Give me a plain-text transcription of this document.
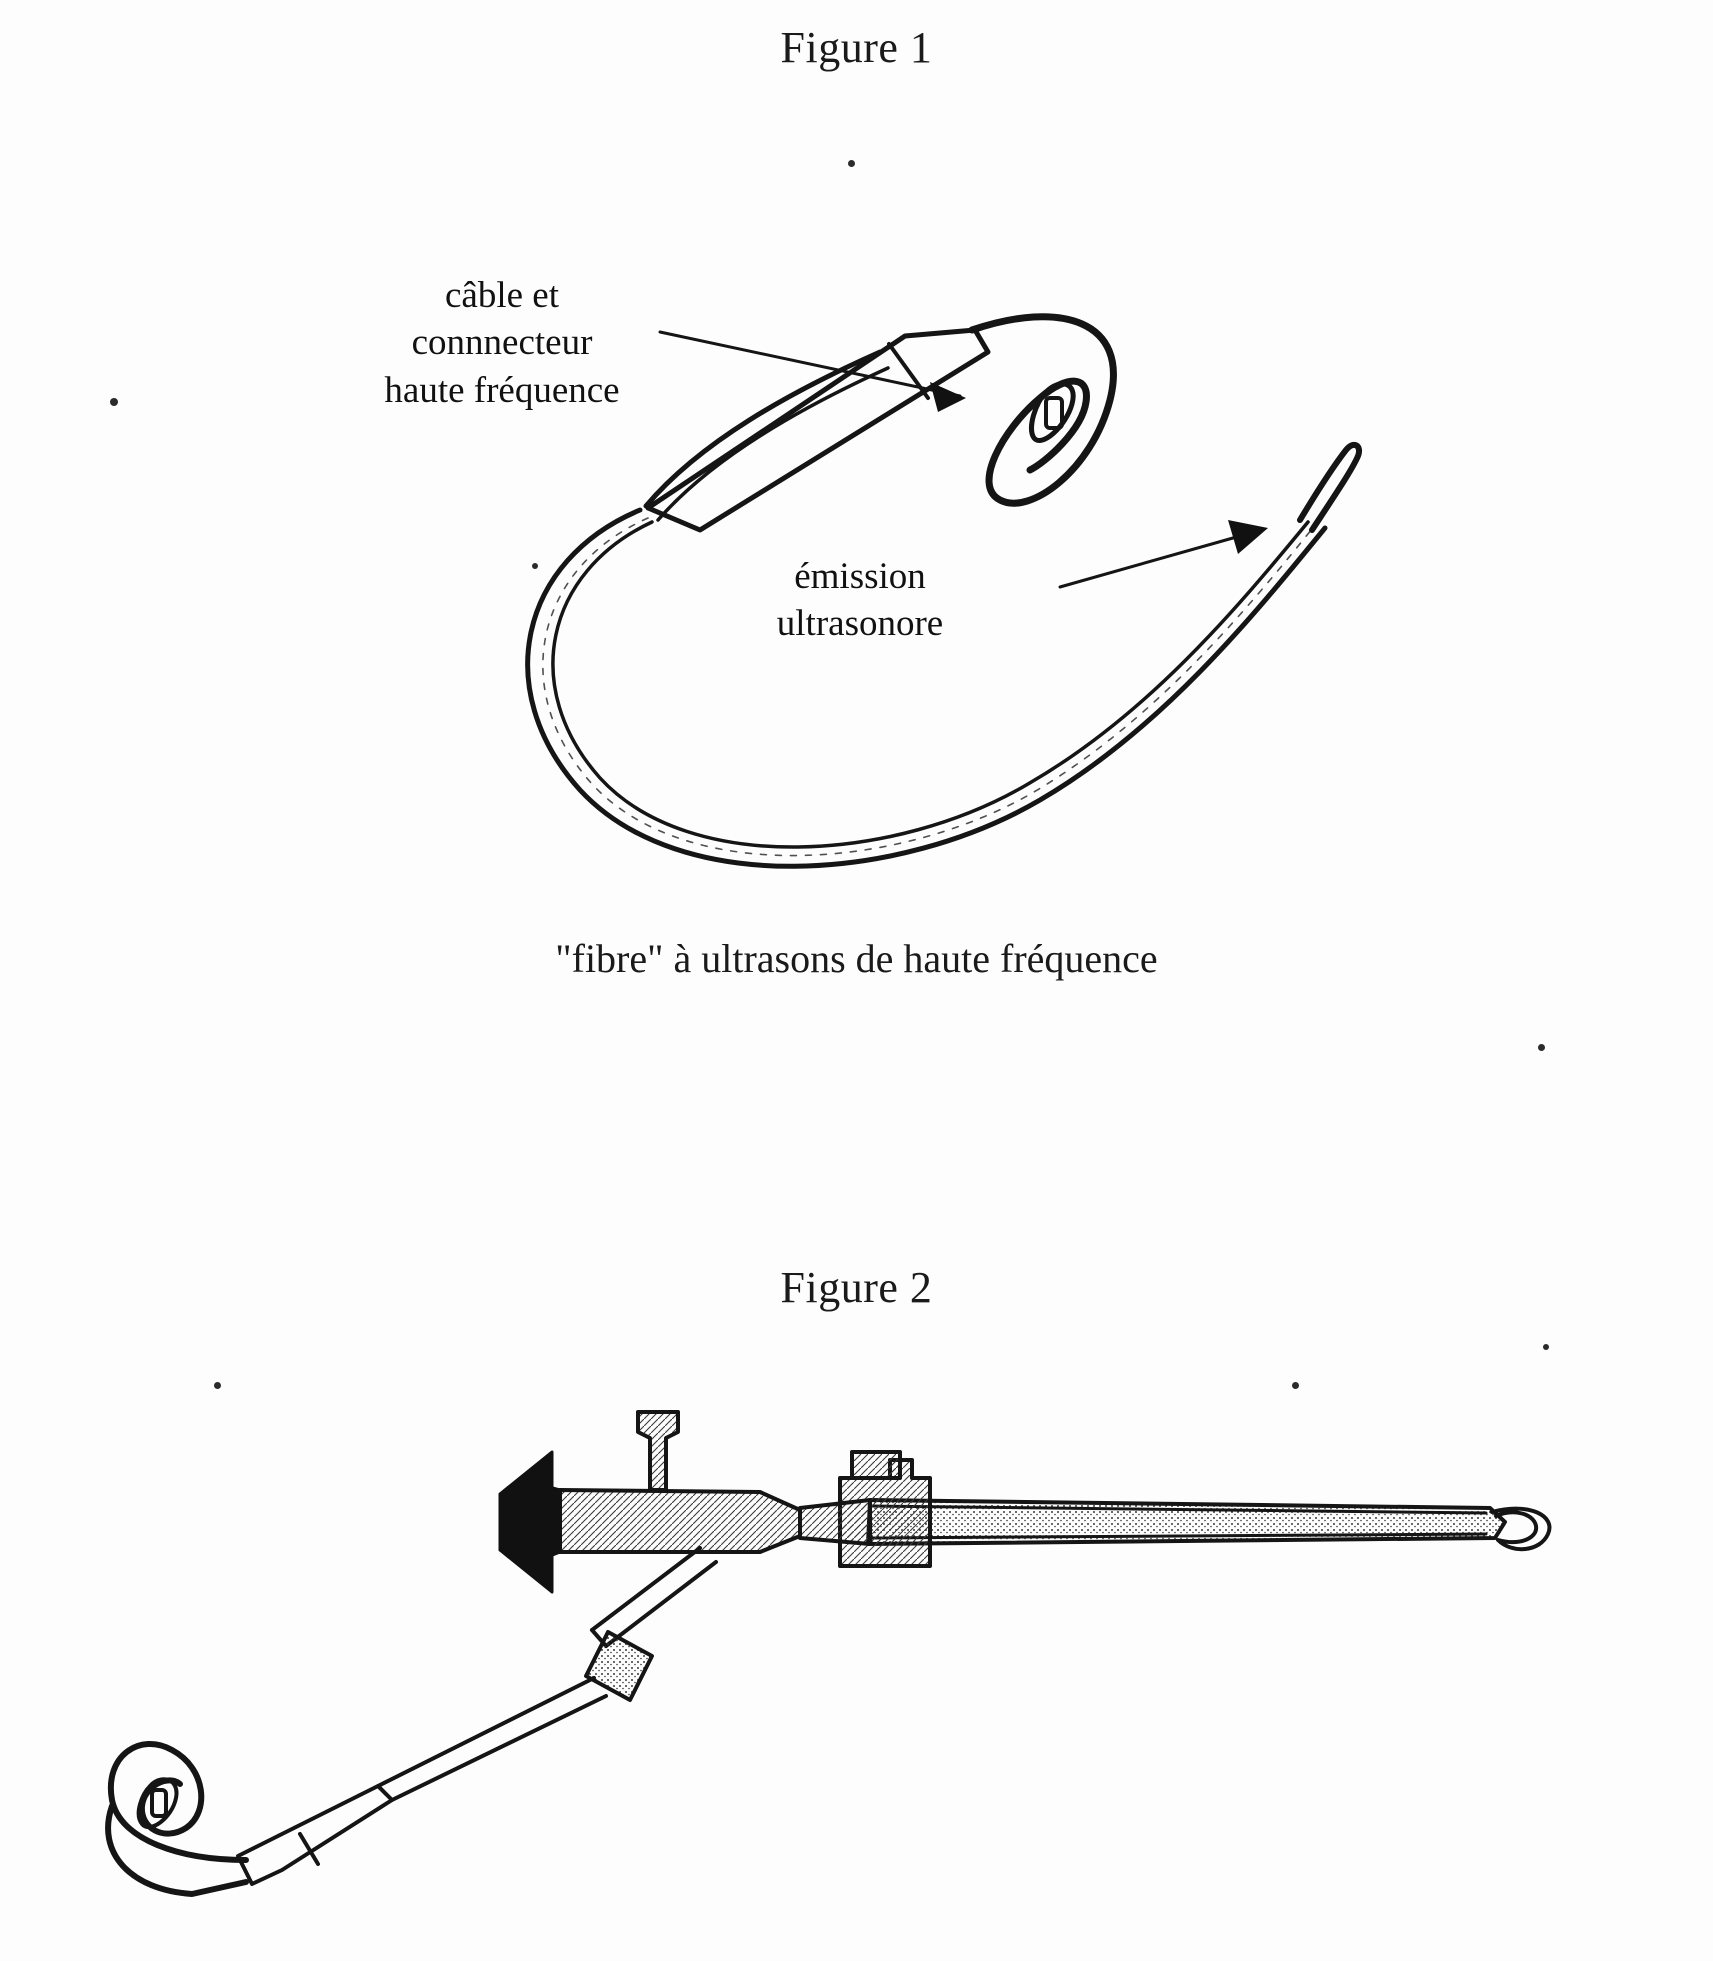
Figure 1
câble et
connnecteur
haute fréquence
émission
ultrasonore
"fibre" à ultrasons de haute fréquence
Figure 2
